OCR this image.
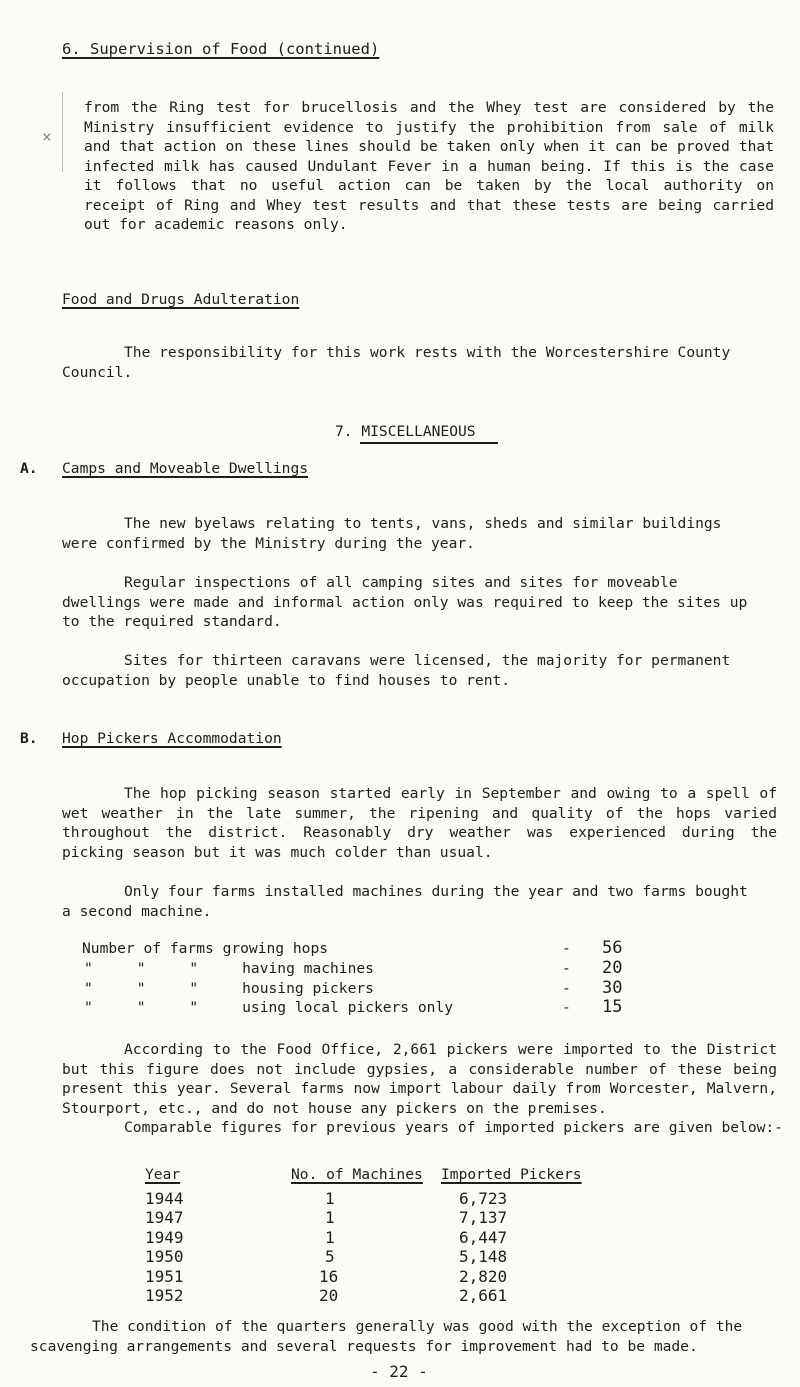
6. Supervision of Food (continued)
×
from the Ring test for brucellosis and the Whey test are considered by the Ministry insufficient evidence to justify the prohibition from sale of milk and that action on these lines should be taken only when it can be proved that infected milk has caused Undulant Fever in a human being. If this is the case it follows that no useful action can be taken by the local authority on receipt of Ring and Whey test results and that these tests are being carried out for academic reasons only.
Food and Drugs Adulteration
The responsibility for this work rests with the Worcestershire County Council.
7. MISCELLANEOUS
A. Camps and Moveable Dwellings
The new byelaws relating to tents, vans, sheds and similar buildings were confirmed by the Ministry during the year.
Regular inspections of all camping sites and sites for moveable dwellings were made and informal action only was required to keep the sites up to the required standard.
Sites for thirteen caravans were licensed, the majority for permanent occupation by people unable to find houses to rent.
B. Hop Pickers Accommodation
The hop picking season started early in September and owing to a spell of wet weather in the late summer, the ripening and quality of the hops varied throughout the district. Reasonably dry weather was experienced during the picking season but it was much colder than usual.
Only four farms installed machines during the year and two farms bought a second machine.
Number of farms growing hops	-	56
"     "     "     having machines	-	20
"     "     "     housing pickers	-	30
"     "     "     using local pickers only	-	15
According to the Food Office, 2,661 pickers were imported to the District but this figure does not include gypsies, a considerable number of these being present this year. Several farms now import labour daily from Worcester, Malvern, Stourport, etc., and do not house any pickers on the premises.
Comparable figures for previous years of imported pickers are given below:-
Year	No. of Machines	Imported Pickers
1944	1	6,723
1947	1	7,137
1949	1	6,447
1950	5	5,148
1951	16	2,820
1952	20	2,661
The condition of the quarters generally was good with the exception of the scavenging arrangements and several requests for improvement had to be made.
- 22 -
